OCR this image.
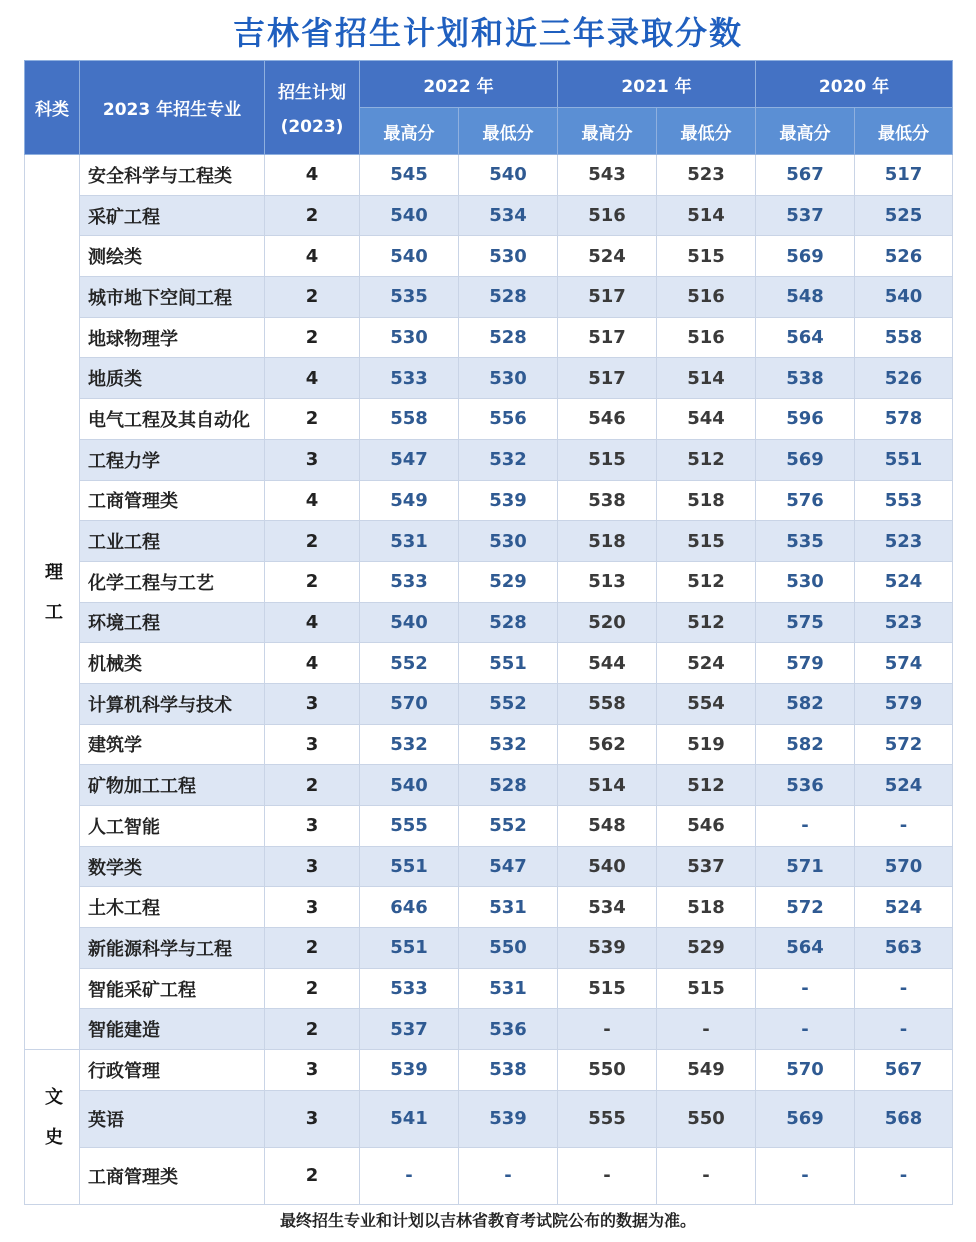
吉林省招生计划和近三年录取分数
科类	2023 年招生专业	招生计划
(2023)	2022 年		2021 年		2020 年	
			最高分	最低分	最高分	最低分	最高分	最低分
理工	安全科学与工程类	4	545	540	543	523	567	517
	采矿工程	2	540	534	516	514	537	525
	测绘类	4	540	530	524	515	569	526
	城市地下空间工程	2	535	528	517	516	548	540
	地球物理学	2	530	528	517	516	564	558
	地质类	4	533	530	517	514	538	526
	电气工程及其自动化	2	558	556	546	544	596	578
	工程力学	3	547	532	515	512	569	551
	工商管理类	4	549	539	538	518	576	553
	工业工程	2	531	530	518	515	535	523
	化学工程与工艺	2	533	529	513	512	530	524
	环境工程	4	540	528	520	512	575	523
	机械类	4	552	551	544	524	579	574
	计算机科学与技术	3	570	552	558	554	582	579
	建筑学	3	532	532	562	519	582	572
	矿物加工工程	2	540	528	514	512	536	524
	人工智能	3	555	552	548	546	-	-
	数学类	3	551	547	540	537	571	570
	土木工程	3	646	531	534	518	572	524
	新能源科学与工程	2	551	550	539	529	564	563
	智能采矿工程	2	533	531	515	515	-	-
	智能建造	2	537	536	-	-	-	-
文史	行政管理	3	539	538	550	549	570	567
	英语	3	541	539	555	550	569	568
	工商管理类	2	-	-	-	-	-	-
最终招生专业和计划以吉林省教育考试院公布的数据为准。
